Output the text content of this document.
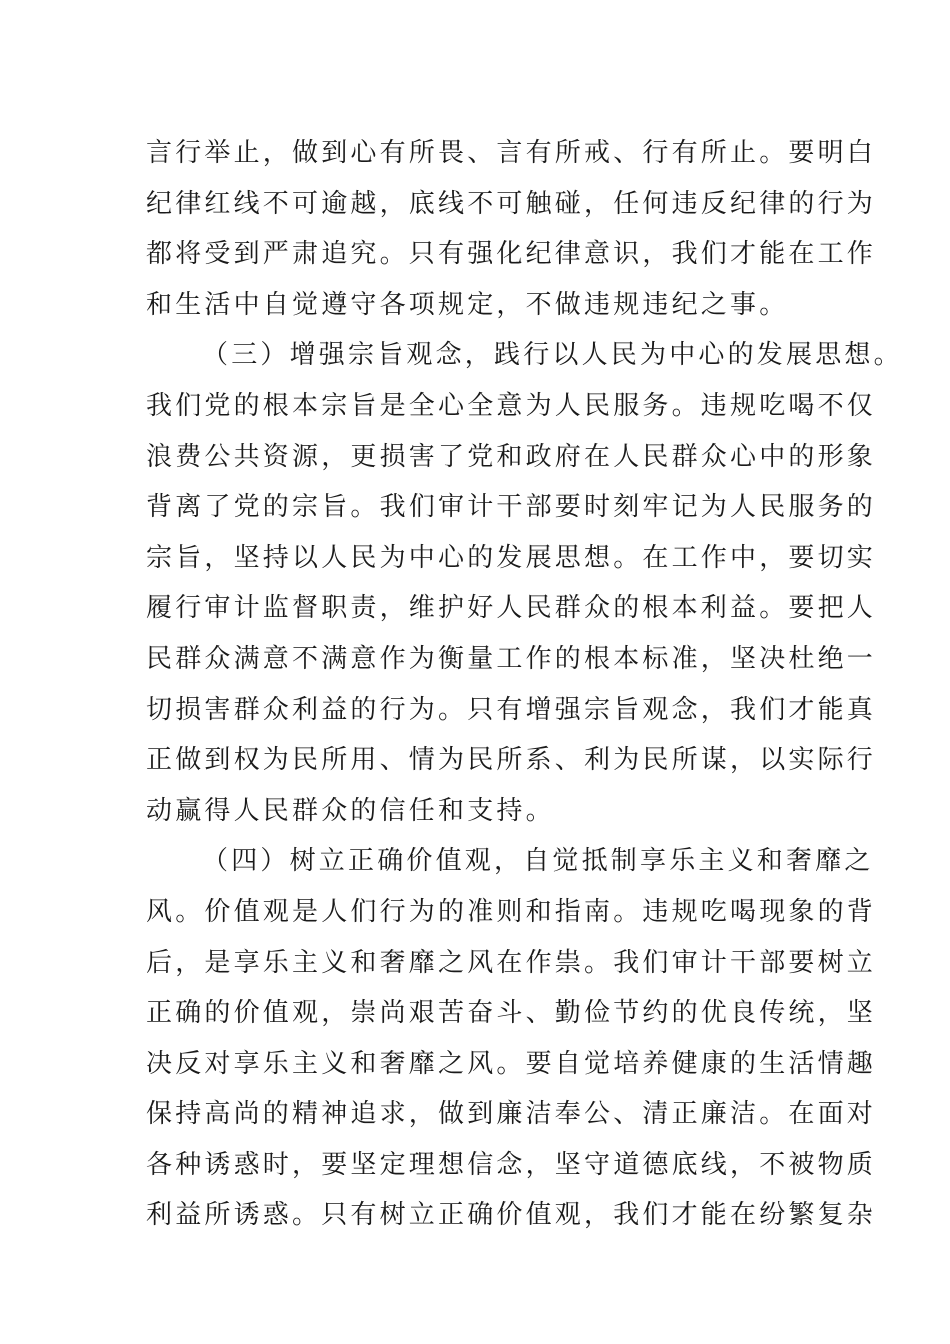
言行举止，做到心有所畏、言有所戒、行有所止。要明白
纪律红线不可逾越，底线不可触碰，任何违反纪律的行为
都将受到严肃追究。只有强化纪律意识，我们才能在工作
和生活中自觉遵守各项规定，不做违规违纪之事。
（三）增强宗旨观念，践行以人民为中心的发展思想。
我们党的根本宗旨是全心全意为人民服务。违规吃喝不仅
浪费公共资源，更损害了党和政府在人民群众心中的形象
背离了党的宗旨。我们审计干部要时刻牢记为人民服务的
宗旨，坚持以人民为中心的发展思想。在工作中，要切实
履行审计监督职责，维护好人民群众的根本利益。要把人
民群众满意不满意作为衡量工作的根本标准，坚决杜绝一
切损害群众利益的行为。只有增强宗旨观念，我们才能真
正做到权为民所用、情为民所系、利为民所谋，以实际行
动赢得人民群众的信任和支持。
（四）树立正确价值观，自觉抵制享乐主义和奢靡之
风。价值观是人们行为的准则和指南。违规吃喝现象的背
后，是享乐主义和奢靡之风在作祟。我们审计干部要树立
正确的价值观，崇尚艰苦奋斗、勤俭节约的优良传统，坚
决反对享乐主义和奢靡之风。要自觉培养健康的生活情趣
保持高尚的精神追求，做到廉洁奉公、清正廉洁。在面对
各种诱惑时，要坚定理想信念，坚守道德底线，不被物质
利益所诱惑。只有树立正确价值观，我们才能在纷繁复杂
